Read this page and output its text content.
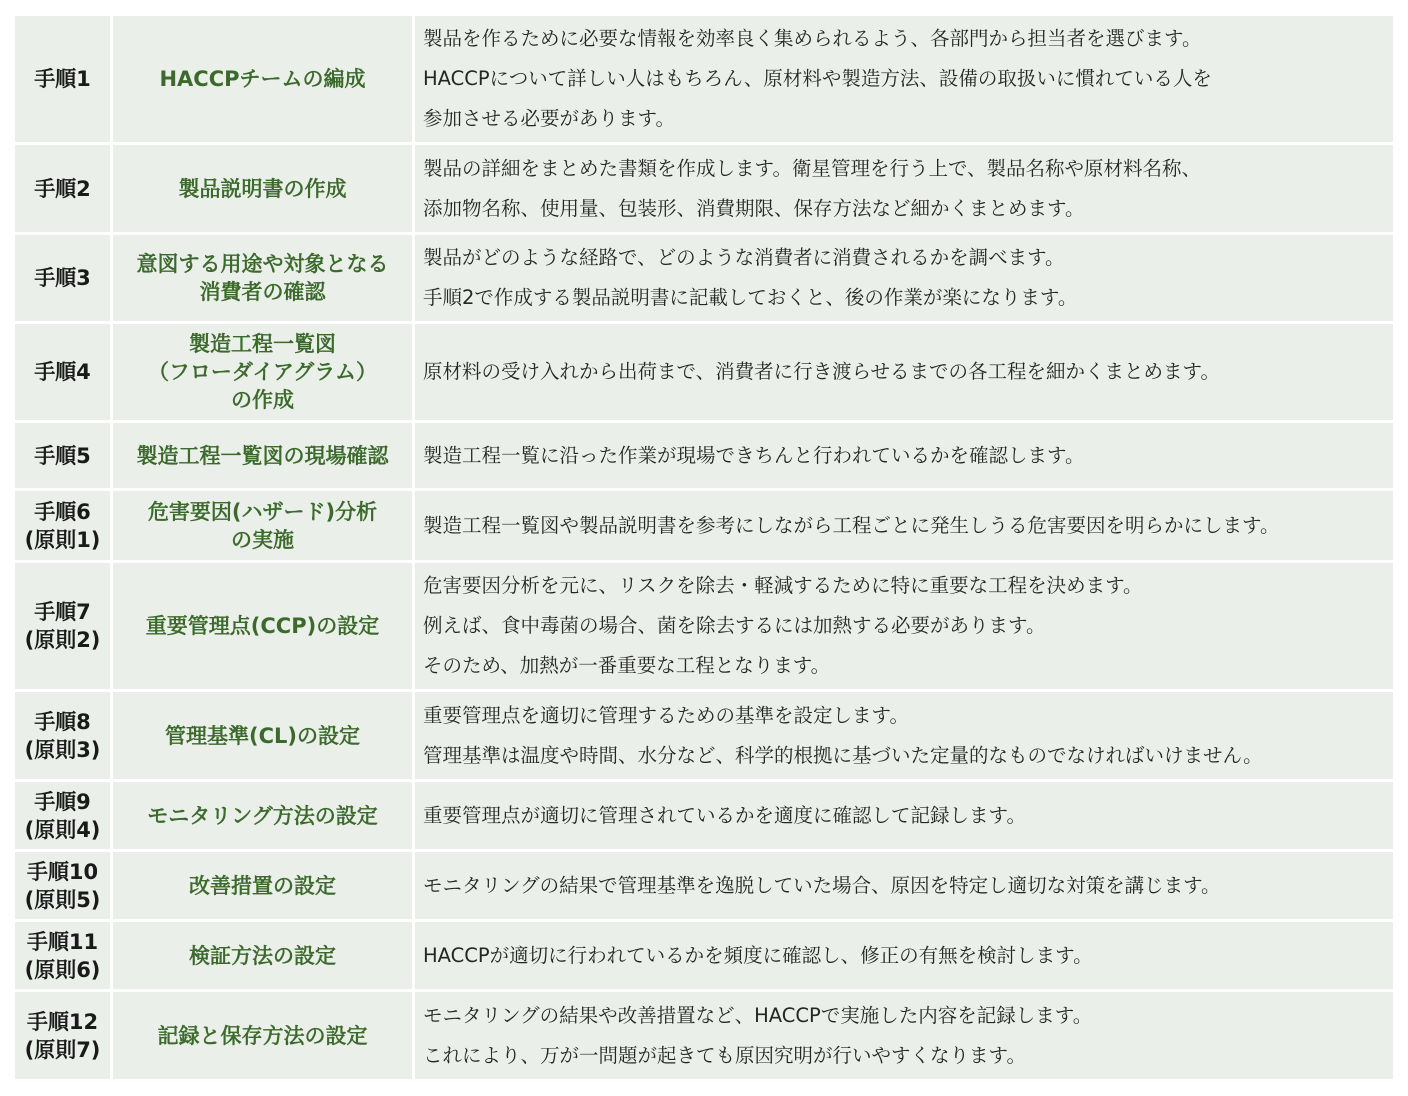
手順1	HACCPチームの編成	製品を作るために必要な情報を効率良く集められるよう、各部門から担当者を選びます。
HACCPについて詳しい人はもちろん、原材料や製造方法、設備の取扱いに慣れている人を
参加させる必要があります。

手順2	製品説明書の作成	製品の詳細をまとめた書類を作成します。衛星管理を行う上で、製品名称や原材料名称、
添加物名称、使用量、包装形、消費期限、保存方法など細かくまとめます。

手順3	意図する用途や対象となる
消費者の確認	製品がどのような経路で、どのような消費者に消費されるかを調べます。
手順2で作成する製品説明書に記載しておくと、後の作業が楽になります。

手順4	製造工程一覧図
（フローダイアグラム）
の作成	原材料の受け入れから出荷まで、消費者に行き渡らせるまでの各工程を細かくまとめます。

手順5	製造工程一覧図の現場確認	製造工程一覧に沿った作業が現場できちんと行われているかを確認します。

手順6
(原則1)	危害要因(ハザード)分析
の実施	製造工程一覧図や製品説明書を参考にしながら工程ごとに発生しうる危害要因を明らかにします。

手順7
(原則2)	重要管理点(CCP)の設定	危害要因分析を元に、リスクを除去・軽減するために特に重要な工程を決めます。
例えば、食中毒菌の場合、菌を除去するには加熱する必要があります。
そのため、加熱が一番重要な工程となります。

手順8
(原則3)	管理基準(CL)の設定	重要管理点を適切に管理するための基準を設定します。
管理基準は温度や時間、水分など、科学的根拠に基づいた定量的なものでなければいけません。

手順9
(原則4)	モニタリング方法の設定	重要管理点が適切に管理されているかを適度に確認して記録します。

手順10
(原則5)	改善措置の設定	モニタリングの結果で管理基準を逸脱していた場合、原因を特定し適切な対策を講じます。

手順11
(原則6)	検証方法の設定	HACCPが適切に行われているかを頻度に確認し、修正の有無を検討します。

手順12
(原則7)	記録と保存方法の設定	モニタリングの結果や改善措置など、HACCPで実施した内容を記録します。
これにより、万が一問題が起きても原因究明が行いやすくなります。
